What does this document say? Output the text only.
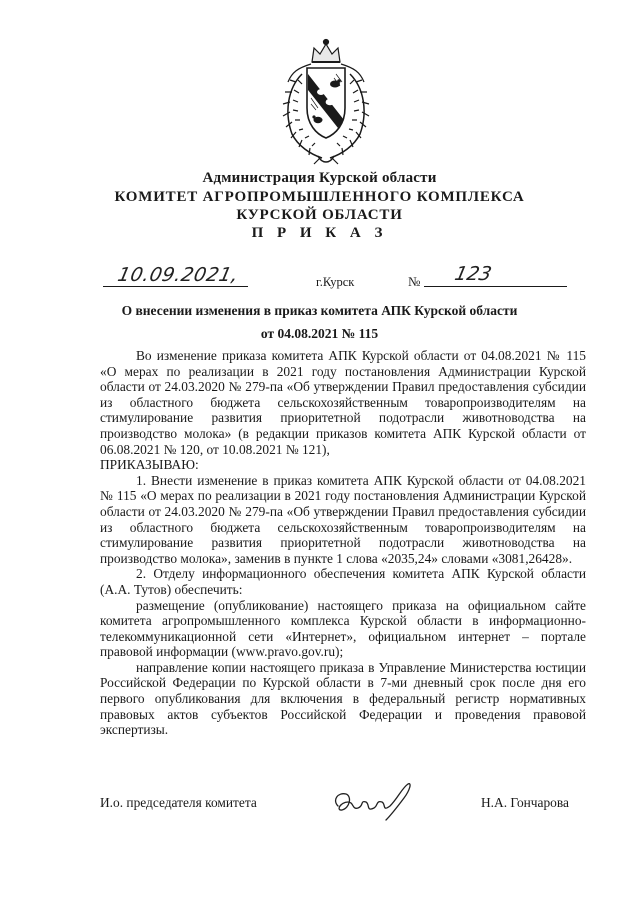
Администрация Курской области
КОМИТЕТ АГРОПРОМЫШЛЕННОГО КОМПЛЕКСА
КУРСКОЙ ОБЛАСТИ
П Р И К А З
10.09.2021,	г.Курск	№ 123
О внесении изменения в приказ комитета АПК Курской области
от 04.08.2021 № 115

Во изменение приказа комитета АПК Курской области от 04.08.2021 № 115 «О мерах по реализации в 2021 году постановления Администрации Курской области от 24.03.2020 № 279-па «Об утверждении Правил предоставления субсидии из областного бюджета сельскохозяйственным товаропроизводителям на стимулирование развития приоритетной подотрасли животноводства на производство молока» (в редакции приказов комитета АПК Курской области от 06.08.2021 № 120, от 10.08.2021 № 121),

ПРИКАЗЫВАЮ:

1. Внести изменение в приказ комитета АПК Курской области от 04.08.2021 № 115 «О мерах по реализации в 2021 году постановления Администрации Курской области от 24.03.2020 № 279-па «Об утверждении Правил предоставления субсидии из областного бюджета сельскохозяйственным товаропроизводителям на стимулирование развития приоритетной подотрасли животноводства на производство молока», заменив в пункте 1 слова «2035,24» словами «3081,26428».

2. Отделу информационного обеспечения комитета АПК Курской области (А.А. Тутов) обеспечить:

размещение (опубликование) настоящего приказа на официальном сайте комитета агропромышленного комплекса Курской области в информационно-телекоммуникационной сети «Интернет», официальном интернет – портале правовой информации (www.pravo.gov.ru);

направление копии настоящего приказа в Управление Министерства юстиции Российской Федерации по Курской области в 7-ми дневный срок после дня его первого опубликования для включения в федеральный регистр нормативных правовых актов субъектов Российской Федерации и проведения правовой экспертизы.

И.о. председателя комитета	Н.А. Гончарова
